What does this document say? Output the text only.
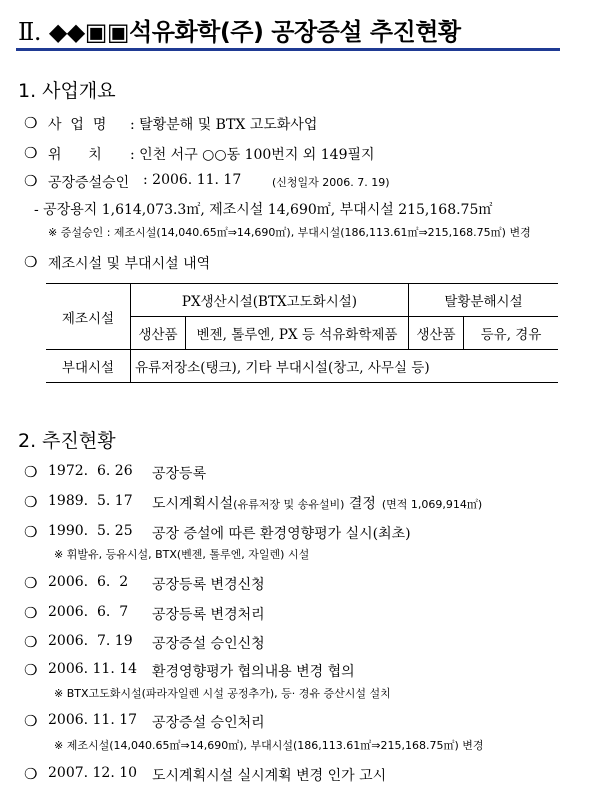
Ⅱ. ◆◆▣▣석유화학(주) 공장증설 추진현황
1. 사업개요
❍ 사  업  명 : 탈황분해 및 BTX 고도화사업
❍ 위      치 : 인천 서구 ○○동 100번지 외 149필지
❍ 공장증설승인 : 2006. 11. 17	(신청일자 2006. 7. 19)
- 공장용지 1,614,073.3㎡, 제조시설 14,690㎡, 부대시설 215,168.75㎡
※ 증설승인 : 제조시설(14,040.65㎡⇒14,690㎡), 부대시설(186,113.61㎡⇒215,168.75㎡) 변경
❍ 제조시설 및 부대시설 내역
제조시설	PX생산시설(BTX고도화시설)		탈황분해시설	
	생산품	벤젠, 톨루엔, PX 등 석유화학제품	생산품	등유, 경유
부대시설	유류저장소(탱크), 기타 부대시설(창고, 사무실 등)			
2. 추진현황
❍ 1972.  6. 26 공장등록
❍ 1989.  5. 17 도시계획시설(유류저장 및 송유설비) 결정 (면적 1,069,914㎡)
❍ 1990.  5. 25 공장 증설에 따른 환경영향평가 실시(최초)
※ 휘발유, 등유시설, BTX(벤젠, 톨루엔, 자일렌) 시설
❍ 2006.  6.  2 공장등록 변경신청
❍ 2006.  6.  7 공장등록 변경처리
❍ 2006.  7. 19 공장증설 승인신청
❍ 2006. 11. 14 환경영향평가 협의내용 변경 협의
※ BTX고도화시설(파라자일렌 시설 공정추가), 등· 경유 증산시설 설치
❍ 2006. 11. 17 공장증설 승인처리
※ 제조시설(14,040.65㎡⇒14,690㎡), 부대시설(186,113.61㎡⇒215,168.75㎡) 변경
❍ 2007. 12. 10 도시계획시설 실시계획 변경 인가 고시
